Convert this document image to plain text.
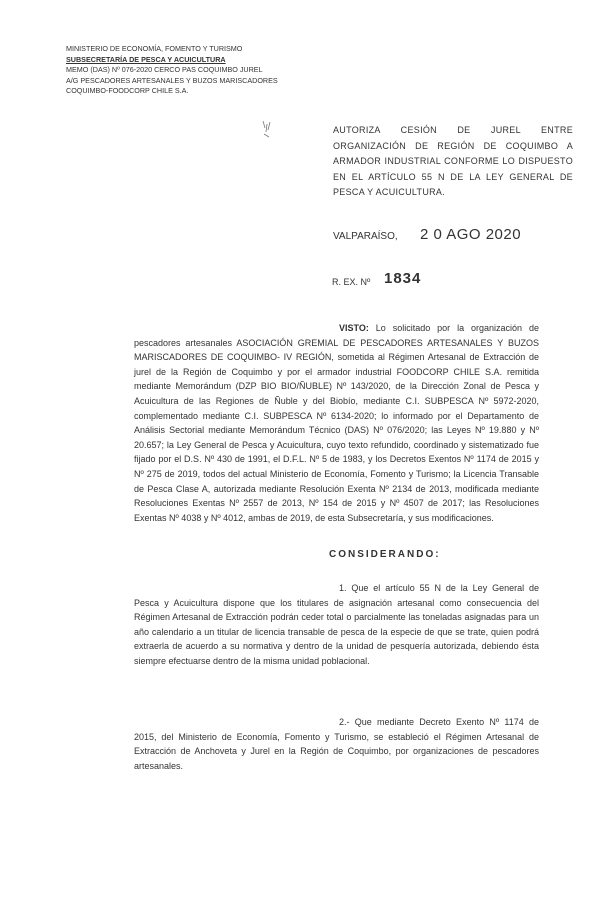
MINISTERIO DE ECONOMÍA, FOMENTO Y TURISMO
SUBSECRETARÍA DE PESCA Y ACUICULTURA
MEMO (DAS) Nº 076-2020 CERCO PAS COQUIMBO JUREL
A/G PESCADORES ARTESANALES Y BUZOS MARISCADORES
COQUIMBO-FOODCORP CHILE S.A.
AUTORIZA CESIÓN DE JUREL ENTRE ORGANIZACIÓN DE REGIÓN DE COQUIMBO A ARMADOR INDUSTRIAL CONFORME LO DISPUESTO EN EL ARTÍCULO 55 N DE LA LEY GENERAL DE PESCA Y ACUICULTURA.
VALPARAÍSO, 2 0 AGO 2020
R. EX. Nº 1834
VISTO: Lo solicitado por la organización de pescadores artesanales ASOCIACIÓN GREMIAL DE PESCADORES ARTESANALES Y BUZOS MARISCADORES DE COQUIMBO- IV REGIÓN, sometida al Régimen Artesanal de Extracción de jurel de la Región de Coquimbo y por el armador industrial FOODCORP CHILE S.A. remitida mediante Memorándum (DZP BIO BIO/ÑUBLE) Nº 143/2020, de la Dirección Zonal de Pesca y Acuicultura de las Regiones de Ñuble y del Biobío, mediante C.I. SUBPESCA Nº 5972-2020, complementado mediante C.I. SUBPESCA Nº 6134-2020; lo informado por el Departamento de Análisis Sectorial mediante Memorándum Técnico (DAS) Nº 076/2020; las Leyes Nº 19.880 y Nº 20.657; la Ley General de Pesca y Acuicultura, cuyo texto refundido, coordinado y sistematizado fue fijado por el D.S. Nº 430 de 1991, el D.F.L. Nº 5 de 1983, y los Decretos Exentos Nº 1174 de 2015 y Nº 275 de 2019, todos del actual Ministerio de Economía, Fomento y Turismo; la Licencia Transable de Pesca Clase A, autorizada mediante Resolución Exenta Nº 2134 de 2013, modificada mediante Resoluciones Exentas Nº 2557 de 2013, Nº 154 de 2015 y Nº 4507 de 2017; las Resoluciones Exentas Nº 4038 y Nº 4012, ambas de 2019, de esta Subsecretaría, y sus modificaciones.
CONSIDERANDO:
1. Que el artículo 55 N de la Ley General de Pesca y Acuicultura dispone que los titulares de asignación artesanal como consecuencia del Régimen Artesanal de Extracción podrán ceder total o parcialmente las toneladas asignadas para un año calendario a un titular de licencia transable de pesca de la especie de que se trate, quien podrá extraerla de acuerdo a su normativa y dentro de la unidad de pesquería autorizada, debiendo ésta siempre efectuarse dentro de la misma unidad poblacional.
2.- Que mediante Decreto Exento Nº 1174 de 2015, del Ministerio de Economía, Fomento y Turismo, se estableció el Régimen Artesanal de Extracción de Anchoveta y Jurel en la Región de Coquimbo, por organizaciones de pescadores artesanales.
